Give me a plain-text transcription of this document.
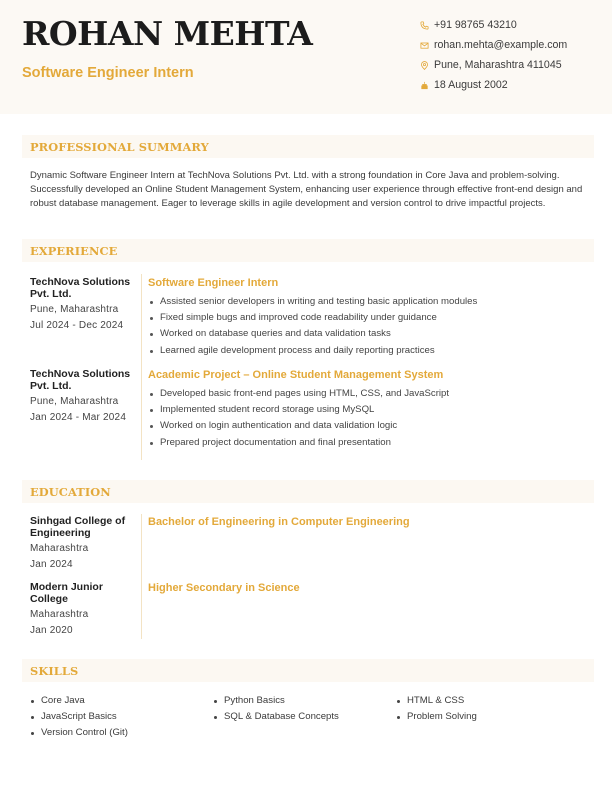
ROHAN MEHTA
Software Engineer Intern
+91 98765 43210
rohan.mehta@example.com
Pune, Maharashtra 411045
18 August 2002
PROFESSIONAL SUMMARY
Dynamic Software Engineer Intern at TechNova Solutions Pvt. Ltd. with a strong foundation in Core Java and problem-solving. Successfully developed an Online Student Management System, enhancing user experience through effective front-end design and robust database management. Eager to leverage skills in agile development and version control to drive impactful projects.
EXPERIENCE
TechNova Solutions Pvt. Ltd.
Pune, Maharashtra
Jul 2024 - Dec 2024
Software Engineer Intern
Assisted senior developers in writing and testing basic application modules
Fixed simple bugs and improved code readability under guidance
Worked on database queries and data validation tasks
Learned agile development process and daily reporting practices
TechNova Solutions Pvt. Ltd.
Pune, Maharashtra
Jan 2024 - Mar 2024
Academic Project – Online Student Management System
Developed basic front-end pages using HTML, CSS, and JavaScript
Implemented student record storage using MySQL
Worked on login authentication and data validation logic
Prepared project documentation and final presentation
EDUCATION
Sinhgad College of Engineering
Maharashtra
Jan 2024
Bachelor of Engineering in Computer Engineering
Modern Junior College
Maharashtra
Jan 2020
Higher Secondary in Science
SKILLS
Core Java
JavaScript Basics
Version Control (Git)
Python Basics
SQL & Database Concepts
HTML & CSS
Problem Solving
